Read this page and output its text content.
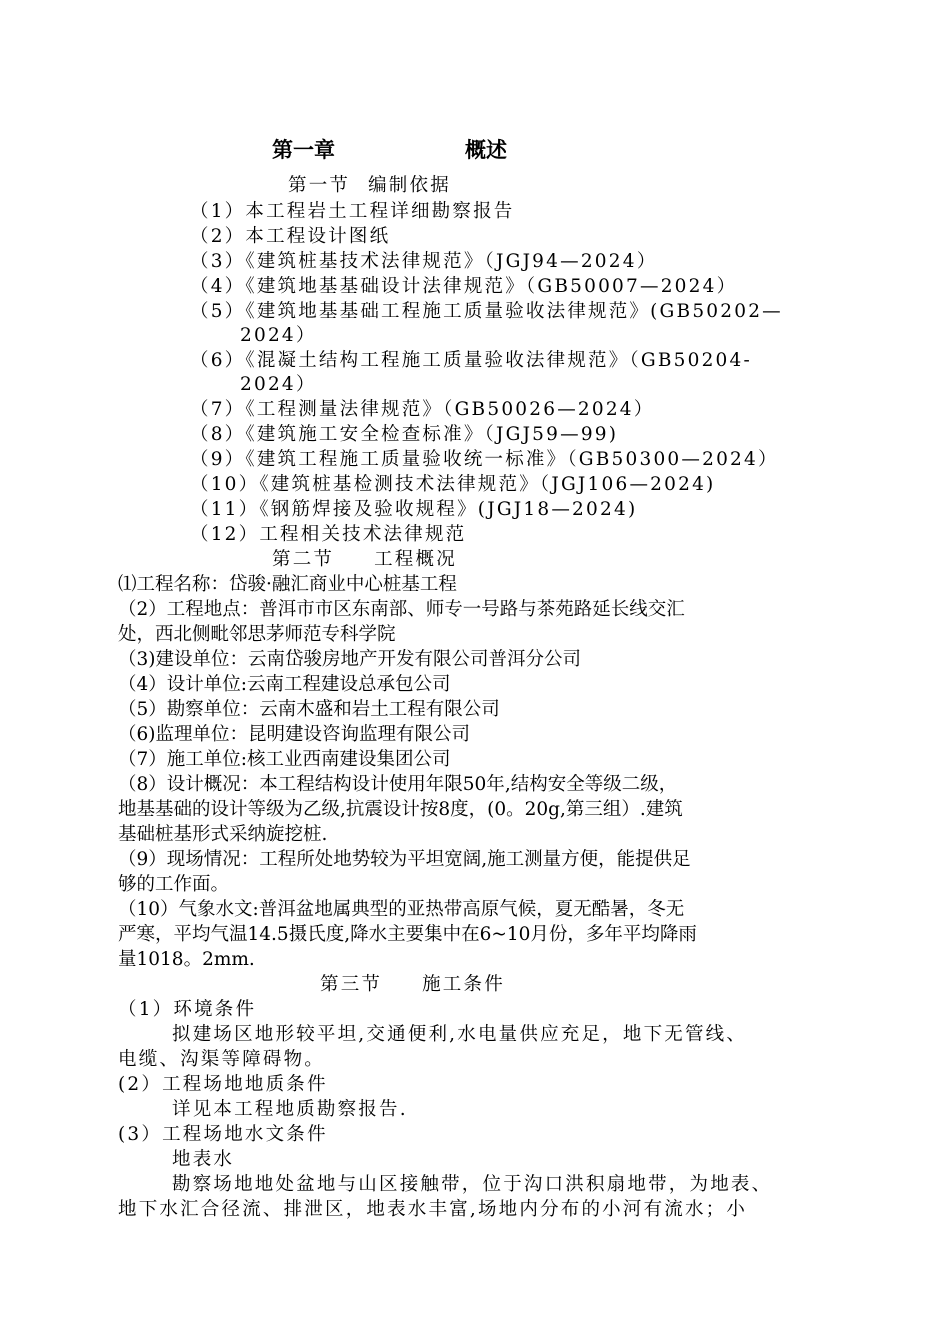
第一章	概述
第一节 编制依据
（1）本工程岩土工程详细勘察报告
（2）本工程设计图纸
（3）《建筑桩基技术法律规范》（JGJ94—2024）
（4）《建筑地基基础设计法律规范》（GB50007—2024）
（5）《建筑地基基础工程施工质量验收法律规范》(GB50202—
2024）
（6）《混凝土结构工程施工质量验收法律规范》（GB50204-
2024）
（7）《工程测量法律规范》（GB50026—2024）
（8）《建筑施工安全检查标准》（JGJ59—99)
（9）《建筑工程施工质量验收统一标准》（GB50300—2024）
（10）《建筑桩基检测技术法律规范》（JGJ106—2024)
（11）《钢筋焊接及验收规程》(JGJ18—2024)
（12）工程相关技术法律规范
第二节 工程概况
⑴工程名称：岱骏·融汇商业中心桩基工程
（2）工程地点：普洱市市区东南部、师专一号路与茶苑路延长线交汇
处，西北侧毗邻思茅师范专科学院
（3)建设单位：云南岱骏房地产开发有限公司普洱分公司
（4）设计单位:云南工程建设总承包公司
（5）勘察单位：云南木盛和岩土工程有限公司
（6)监理单位：昆明建设咨询监理有限公司
（7）施工单位:核工业西南建设集团公司
（8）设计概况：本工程结构设计使用年限50年,结构安全等级二级，
地基基础的设计等级为乙级,抗震设计按8度，(0。20g,第三组）.建筑
基础桩基形式采纳旋挖桩.
（9）现场情况：工程所处地势较为平坦宽阔,施工测量方便，能提供足
够的工作面。
（10）气象水文:普洱盆地属典型的亚热带高原气候，夏无酷暑，冬无
严寒，平均气温14.5摄氏度,降水主要集中在6~10月份，多年平均降雨
量1018。2mm.
第三节 施工条件
（1）环境条件
拟建场区地形较平坦,交通便利,水电量供应充足，地下无管线、
电缆、沟渠等障碍物。
(2）工程场地地质条件
详见本工程地质勘察报告.
(3）工程场地水文条件
地表水
勘察场地地处盆地与山区接触带，位于沟口洪积扇地带，为地表、
地下水汇合径流、排泄区，地表水丰富,场地内分布的小河有流水；小
